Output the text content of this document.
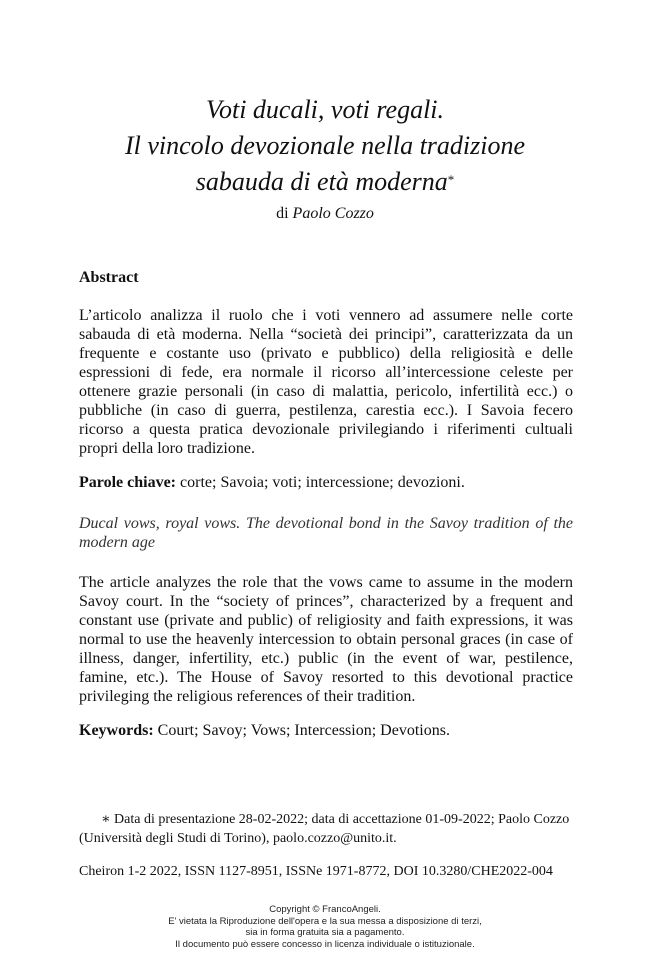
Voti ducali, voti regali.
Il vincolo devozionale nella tradizione
sabauda di età moderna*
di Paolo Cozzo
Abstract
L’articolo analizza il ruolo che i voti vennero ad assumere nelle corte sabauda di età moderna. Nella “società dei principi”, caratterizzata da un frequente e costante uso (privato e pubblico) della religiosità e delle espressioni di fede, era normale il ricorso all’intercessione celeste per ottenere grazie personali (in caso di malattia, pericolo, infertilità ecc.) o pubbliche (in caso di guerra, pestilenza, carestia ecc.). I Savoia fecero ricorso a questa pratica devozionale privilegiando i riferimenti cultuali propri della loro tradizione.
Parole chiave: corte; Savoia; voti; intercessione; devozioni.
Ducal vows, royal vows. The devotional bond in the Savoy tradition of the modern age
The article analyzes the role that the vows came to assume in the modern Savoy court. In the “society of princes”, characterized by a frequent and constant use (private and public) of religiosity and faith expressions, it was normal to use the heavenly intercession to obtain personal graces (in case of illness, danger, infertility, etc.) public (in the event of war, pestilence, famine, etc.). The House of Savoy resorted to this devotional practice privileging the religious references of their tradition.
Keywords: Court; Savoy; Vows; Intercession; Devotions.
∗ Data di presentazione 28-02-2022; data di accettazione 01-09-2022; Paolo Cozzo (Università degli Studi di Torino), paolo.cozzo@unito.it.
Cheiron 1-2 2022, ISSN 1127-8951, ISSNe 1971-8772, DOI 10.3280/CHE2022-004
Copyright © FrancoAngeli.
E' vietata la Riproduzione dell'opera e la sua messa a disposizione di terzi,
sia in forma gratuita sia a pagamento.
Il documento può essere concesso in licenza individuale o istituzionale.
